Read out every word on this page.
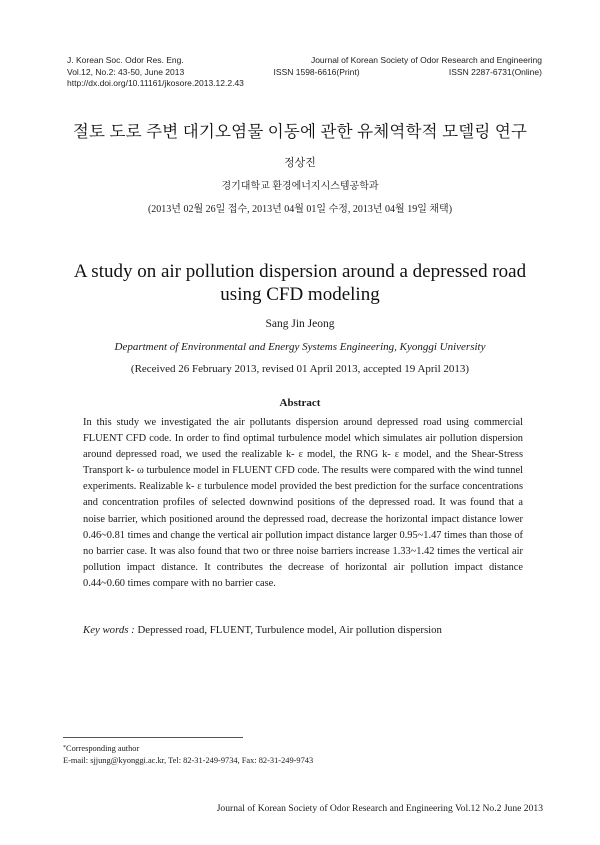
J. Korean Soc. Odor Res. Eng.	Journal of Korean Society of Odor Research and Engineering
Vol.12, No.2: 43-50, June 2013	ISSN 1598-6616(Print)	ISSN 2287-6731(Online)
http://dx.doi.org/10.11161/jkosore.2013.12.2.43
절토 도로 주변 대기오염물 이동에 관한 유체역학적 모델링 연구
정상진
경기대학교 환경에너지시스템공학과
(2013년 02월 26일 접수, 2013년 04월 01일 수정, 2013년 04월 19일 채택)
A study on air pollution dispersion around a depressed road
using CFD modeling
Sang Jin Jeong
Department of Environmental and Energy Systems Engineering, Kyonggi University
(Received 26 February 2013, revised 01 April 2013, accepted 19 April 2013)
Abstract
In this study we investigated the air pollutants dispersion around depressed road using commercial FLUENT CFD code. In order to find optimal turbulence model which simulates air pollution dispersion around depressed road, we used the realizable k- ε model, the RNG k- ε model, and the Shear-Stress Transport k- ω turbulence model in FLUENT CFD code. The results were compared with the wind tunnel experiments. Realizable k- ε turbulence model provided the best prediction for the surface concentrations and concentration profiles of selected downwind positions of the depressed road. It was found that a noise barrier, which positioned around the depressed road, decrease the horizontal impact distance lower 0.46~0.81 times and change the vertical air pollution impact distance larger 0.95~1.47 times than those of no barrier case. It was also found that two or three noise barriers increase 1.33~1.42 times the vertical air pollution impact distance. It contributes the decrease of horizontal air pollution impact distance 0.44~0.60 times compare with no barrier case.
Key words : Depressed road, FLUENT, Turbulence model, Air pollution dispersion
*Corresponding author
E-mail: sjjung@kyonggi.ac.kr, Tel: 82-31-249-9734, Fax: 82-31-249-9743
Journal of Korean Society of Odor Research and Engineering Vol.12 No.2 June 2013
